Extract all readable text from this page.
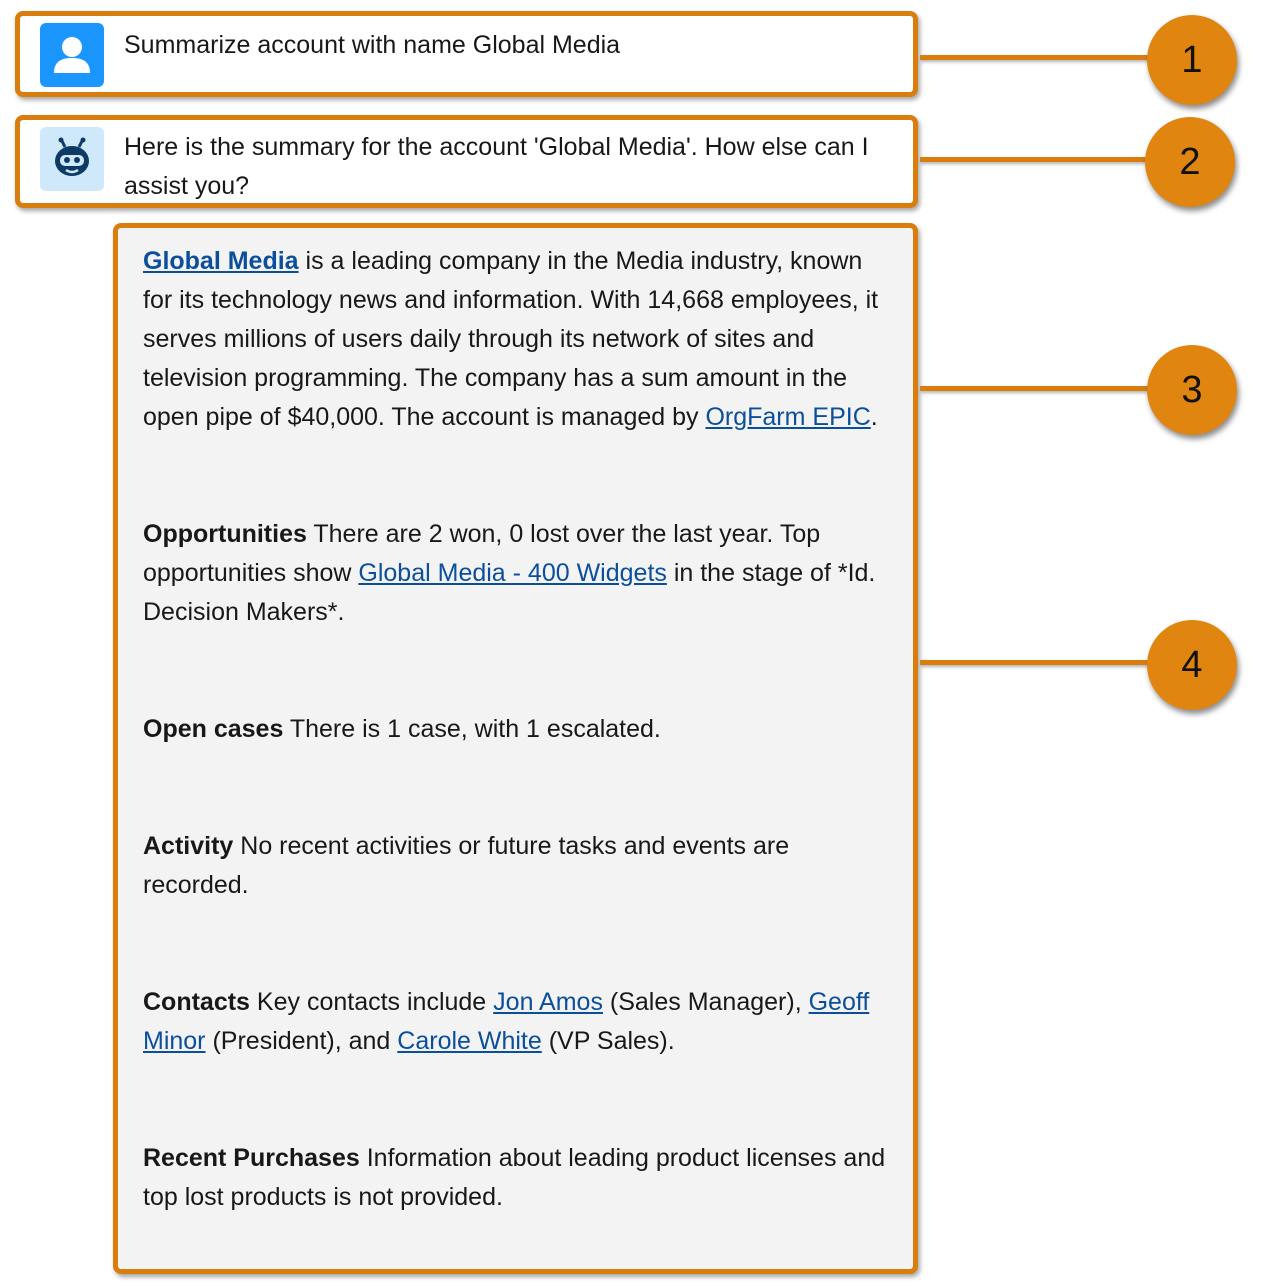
Summarize account with name Global Media
Here is the summary for the account 'Global Media'. How else can I assist you?

Global Media is a leading company in the Media industry, known for its technology news and information. With 14,668 employees, it serves millions of users daily through its network of sites and television programming. The company has a sum amount in the open pipe of $40,000. The account is managed by OrgFarm EPIC.

Opportunities There are 2 won, 0 lost over the last year. Top opportunities show Global Media - 400 Widgets in the stage of *Id. Decision Makers*.

Open cases There is 1 case, with 1 escalated.

Activity No recent activities or future tasks and events are recorded.

Contacts Key contacts include Jon Amos (Sales Manager), Geoff Minor (President), and Carole White (VP Sales).

Recent Purchases Information about leading product licenses and top lost products is not provided.

1
2
3
4
